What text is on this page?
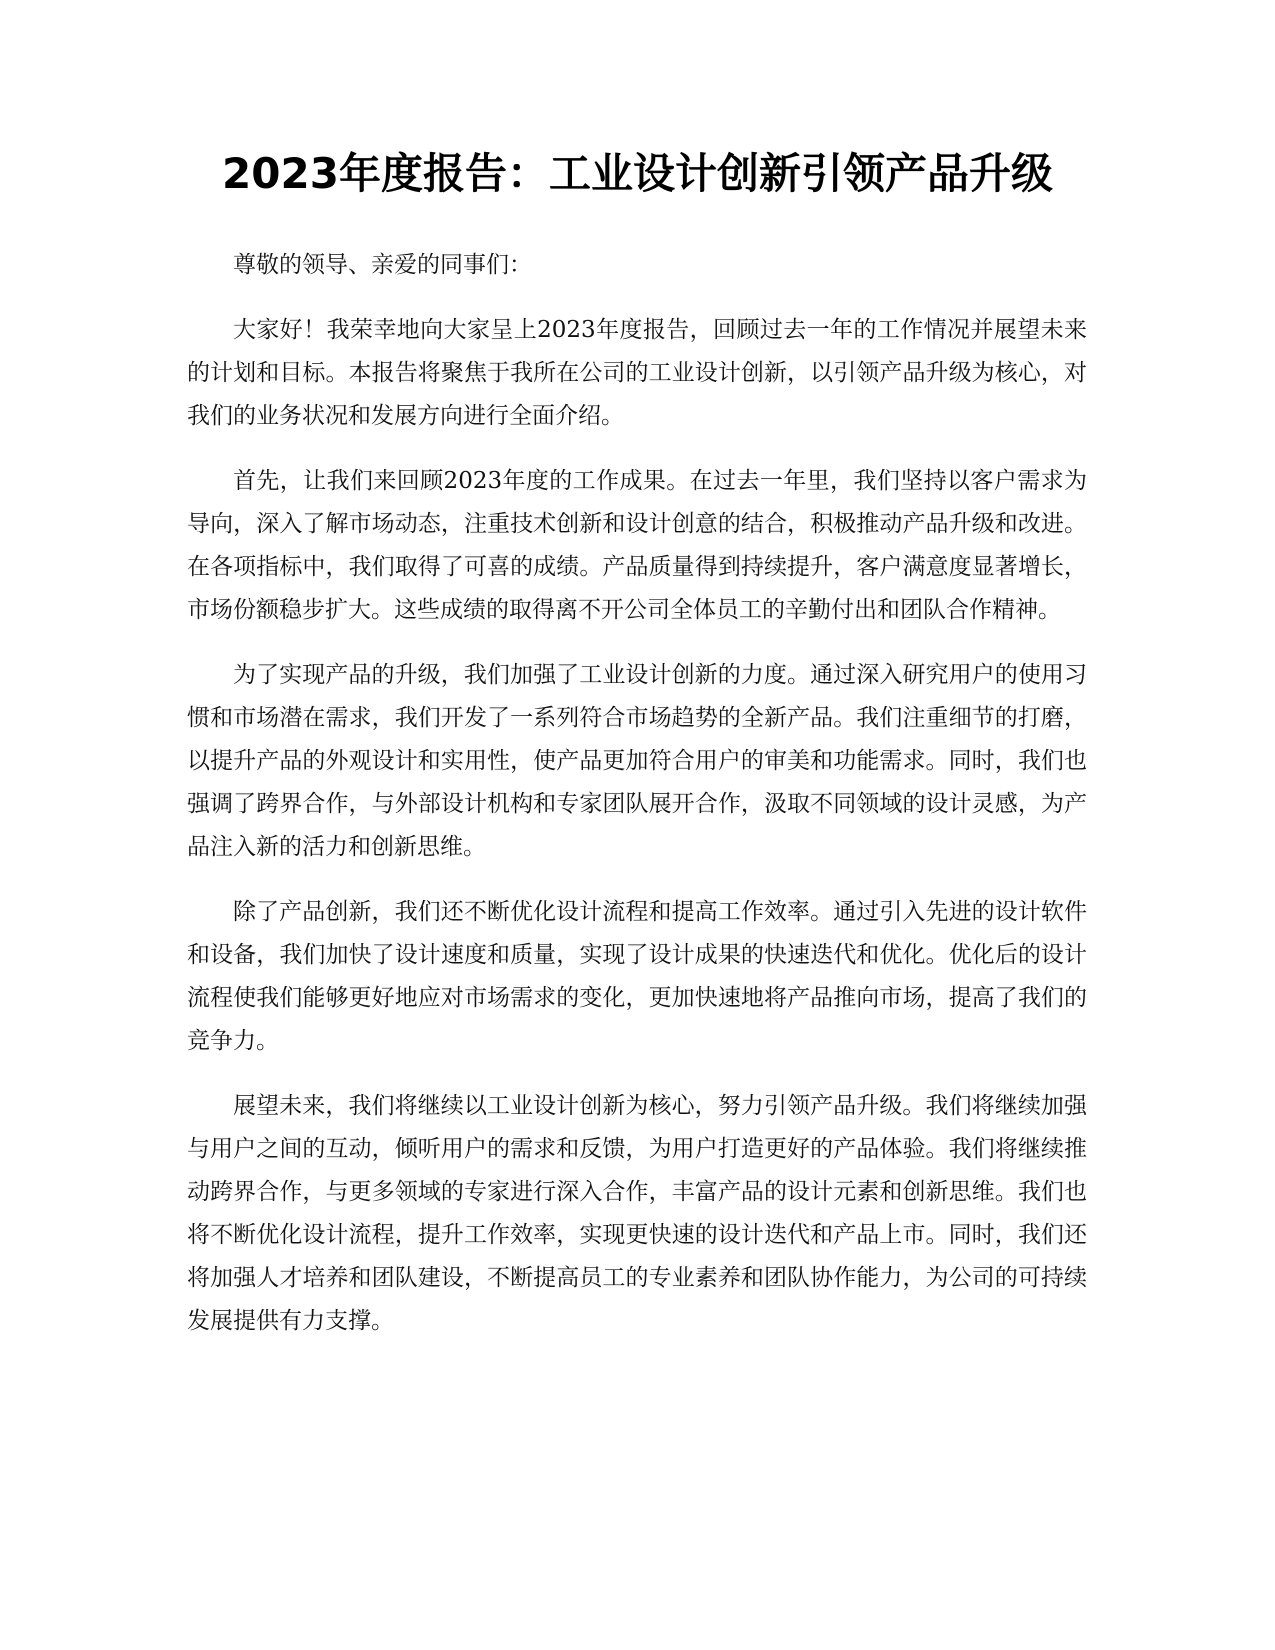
2023年度报告：工业设计创新引领产品升级

尊敬的领导、亲爱的同事们：

大家好！我荣幸地向大家呈上2023年度报告，回顾过去一年的工作情况并展望未来的计划和目标。本报告将聚焦于我所在公司的工业设计创新，以引领产品升级为核心，对我们的业务状况和发展方向进行全面介绍。

首先，让我们来回顾2023年度的工作成果。在过去一年里，我们坚持以客户需求为导向，深入了解市场动态，注重技术创新和设计创意的结合，积极推动产品升级和改进。在各项指标中，我们取得了可喜的成绩。产品质量得到持续提升，客户满意度显著增长，市场份额稳步扩大。这些成绩的取得离不开公司全体员工的辛勤付出和团队合作精神。

为了实现产品的升级，我们加强了工业设计创新的力度。通过深入研究用户的使用习惯和市场潜在需求，我们开发了一系列符合市场趋势的全新产品。我们注重细节的打磨，以提升产品的外观设计和实用性，使产品更加符合用户的审美和功能需求。同时，我们也强调了跨界合作，与外部设计机构和专家团队展开合作，汲取不同领域的设计灵感，为产品注入新的活力和创新思维。

除了产品创新，我们还不断优化设计流程和提高工作效率。通过引入先进的设计软件和设备，我们加快了设计速度和质量，实现了设计成果的快速迭代和优化。优化后的设计流程使我们能够更好地应对市场需求的变化，更加快速地将产品推向市场，提高了我们的竞争力。

展望未来，我们将继续以工业设计创新为核心，努力引领产品升级。我们将继续加强与用户之间的互动，倾听用户的需求和反馈，为用户打造更好的产品体验。我们将继续推动跨界合作，与更多领域的专家进行深入合作，丰富产品的设计元素和创新思维。我们也将不断优化设计流程，提升工作效率，实现更快速的设计迭代和产品上市。同时，我们还将加强人才培养和团队建设，不断提高员工的专业素养和团队协作能力，为公司的可持续发展提供有力支撑。
